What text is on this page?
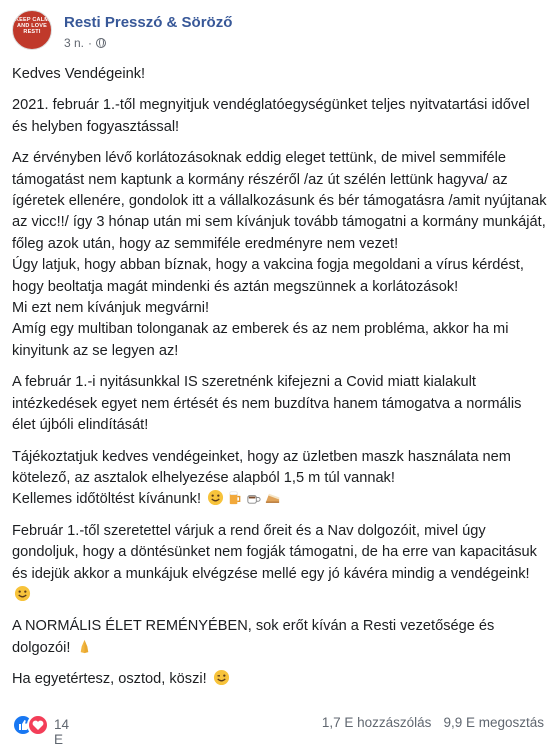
KEEP CALM AND LOVE RESTI
Resti Presszó & Söröző
3 n. ·

Kedves Vendégeink!

2021. február 1.-től megnyitjuk vendéglatóegységünket teljes nyitvatartási idővel és helyben fogyasztással!

Az érvényben lévő korlátozásoknak eddig eleget tettünk, de mivel semmiféle támogatást nem kaptunk a kormány részéről /az út szélén lettünk hagyva/ az ígéretek ellenére, gondolok itt a vállalkozásunk és bér támogatásra /amit nyújtanak az vicc!!/ így 3 hónap után mi sem kívánjuk tovább támogatni a kormány munkáját, főleg azok után, hogy az semmiféle eredményre nem vezet!
Úgy latjuk, hogy abban bíznak, hogy a vakcina fogja megoldani a vírus kérdést, hogy beoltatja magát mindenki és aztán megszünnek a korlátozások!
Mi ezt nem kívánjuk megvárni!
Amíg egy multiban tolonganak az emberek és az nem probléma, akkor ha mi kinyitunk az se legyen az!

A február 1.-i nyitásunkkal IS szeretnénk kifejezni a Covid miatt kialakult intézkedések egyet nem értését és nem buzdítva hanem támogatva a normális élet újbóli elindítását!

Tájékoztatjuk kedves vendégeinket, hogy az üzletben maszk használata nem kötelező, az asztalok elhelyezése alapból 1,5 m túl vannak!
Kellemes időtöltést kívánunk!

Február 1.-től szeretettel várjuk a rend őreit és a Nav dolgozóit, mivel úgy gondoljuk, hogy a döntésünket nem fogják támogatni, de ha erre van kapacitásuk és idejük akkor a munkájuk elvégzése mellé egy jó kávéra mindig a vendégeink!

A NORMÁLIS ÉLET REMÉNYÉBEN, sok erőt kíván a Resti vezetősége és dolgozói!

Ha egyetértesz, osztod, köszi!

14 E
1,7 E hozzászólás 9,9 E megosztás
